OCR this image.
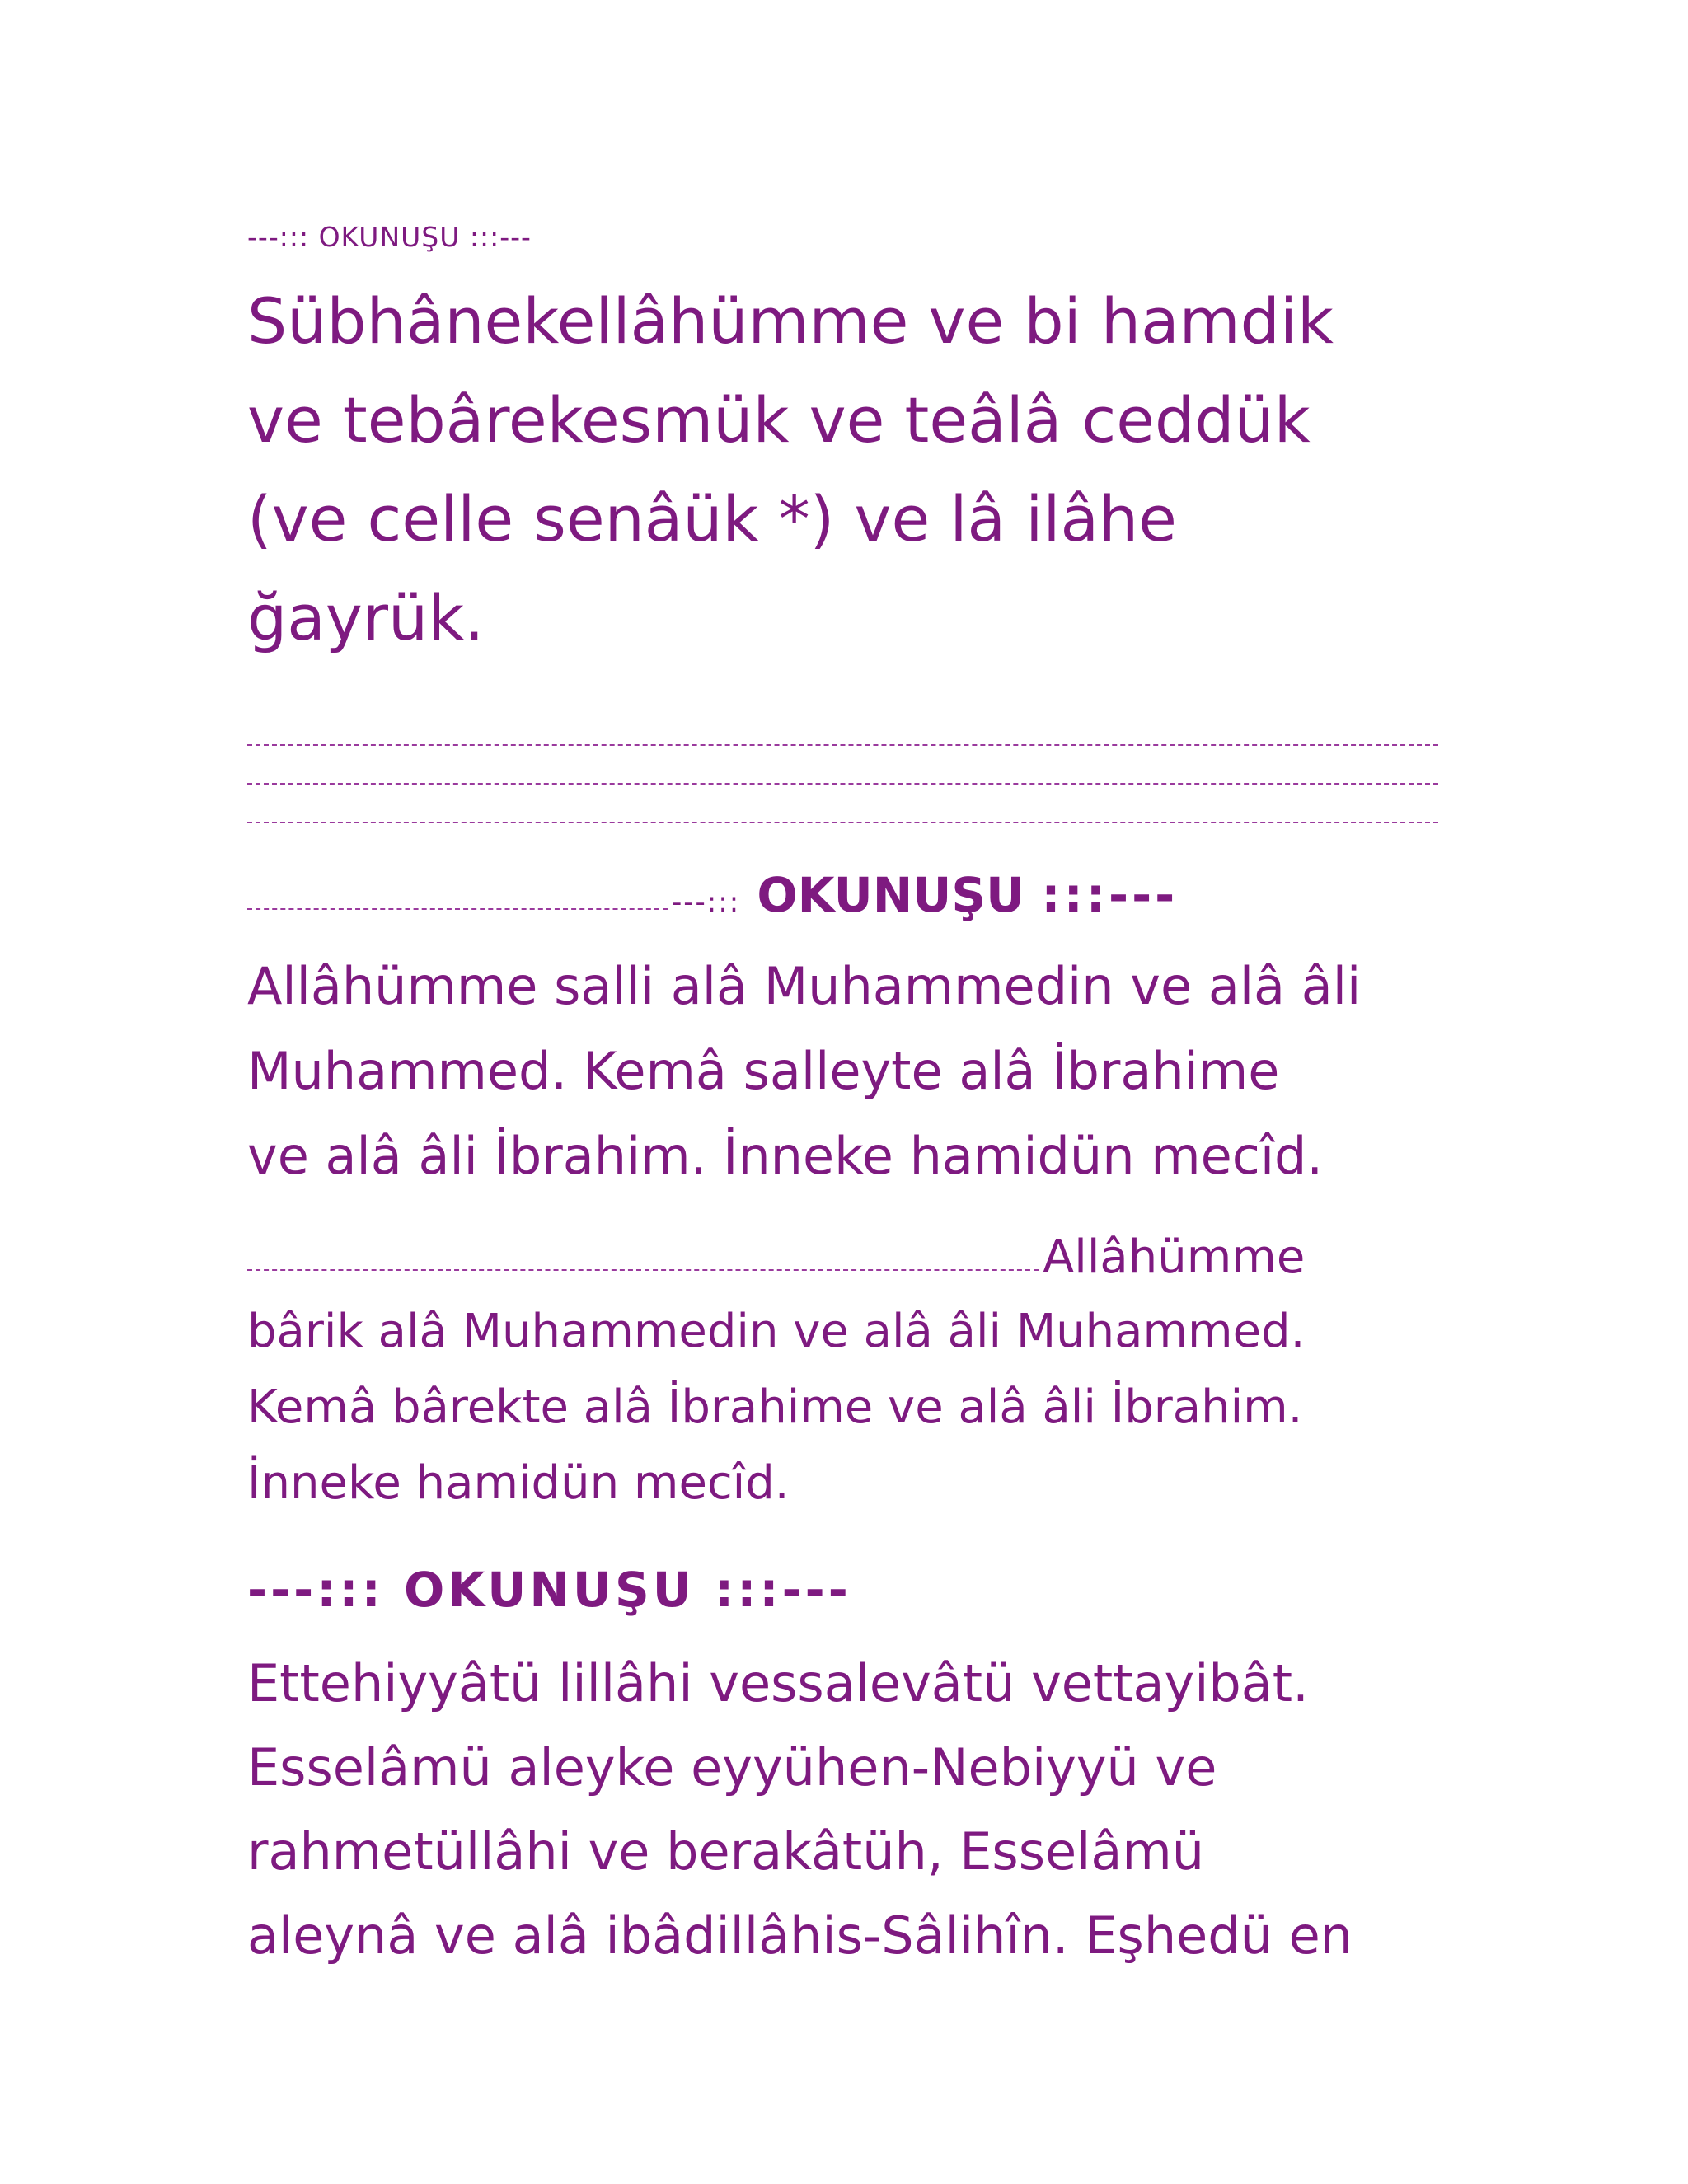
---::: OKUNUŞU :::---
Sübhânekellâhümme ve bi hamdik
ve tebârekesmük ve teâlâ ceddük
(ve celle senâük *) ve lâ ilâhe
ğayrük.
---::: OKUNUŞU :::---
Allâhümme salli alâ Muhammedin ve alâ âli
Muhammed. Kemâ salleyte alâ İbrahime
ve alâ âli İbrahim. İnneke hamidün mecîd.
Allâhümme
bârik alâ Muhammedin ve alâ âli Muhammed.
Kemâ bârekte alâ İbrahime ve alâ âli İbrahim.
İnneke hamidün mecîd.
---::: OKUNUŞU :::---
Ettehiyyâtü lillâhi vessalevâtü vettayibât.
Esselâmü aleyke eyyühen-Nebiyyü ve
rahmetüllâhi ve berakâtüh, Esselâmü
aleynâ ve alâ ibâdillâhis-Sâlihîn. Eşhedü en
